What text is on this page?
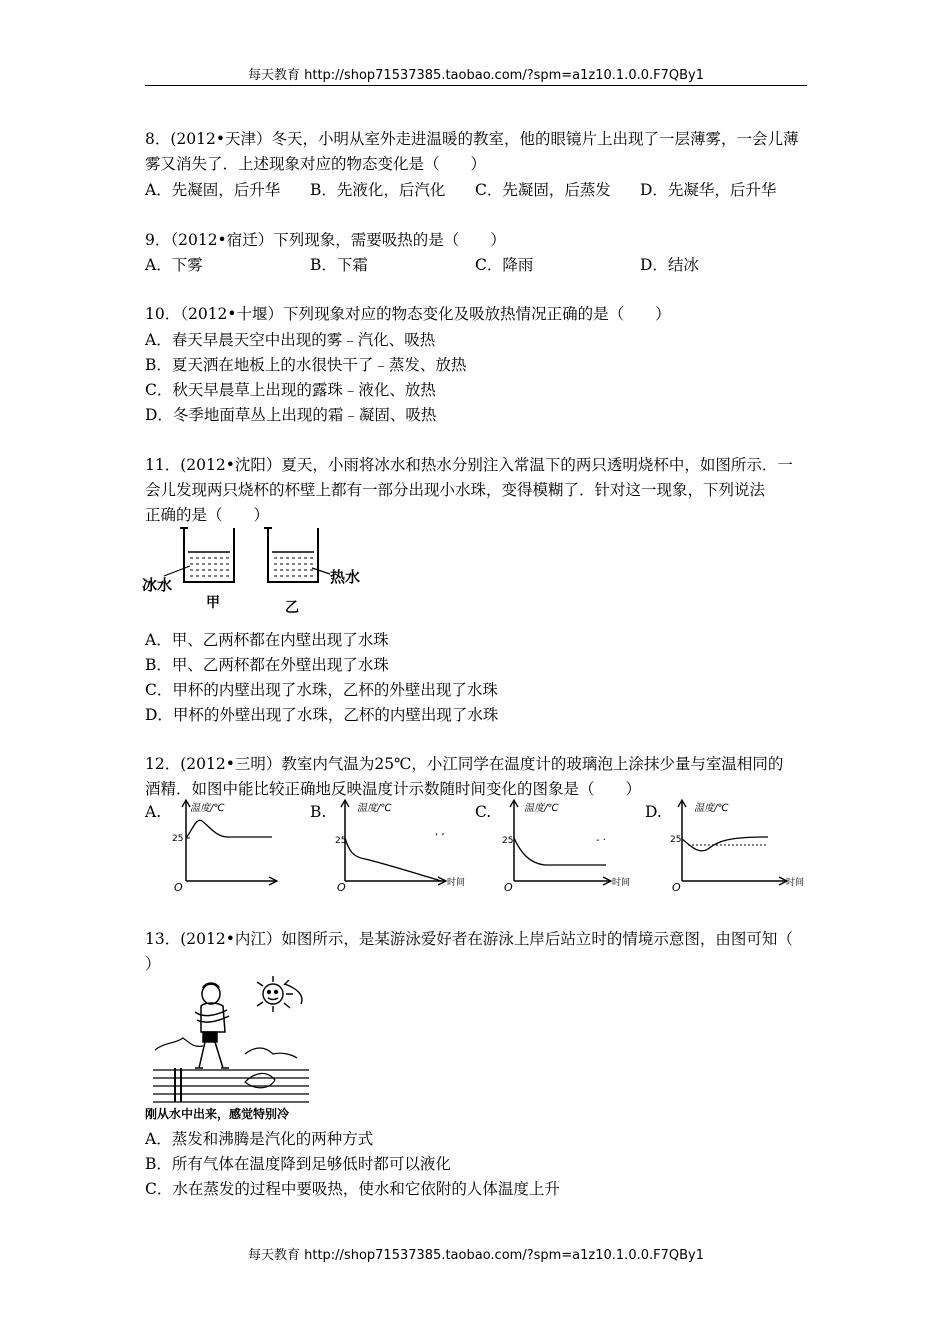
每天教育 http://shop71537385.taobao.com/?spm=a1z10.1.0.0.F7QBy1
8．(2012•天津）冬天，小明从室外走进温暖的教室，他的眼镜片上出现了一层薄雾，一会儿薄
雾又消失了．上述现象对应的物态变化是（　　）
A．先凝固，后升华 B．先液化，后汽化 C．先凝固，后蒸发 D．先凝华，后升华
9．（2012•宿迁）下列现象，需要吸热的是（　　）
A．下雾	B．下霜	C．降雨	D．结冰
10．（2012•十堰）下列现象对应的物态变化及吸放热情况正确的是（　　）
A．春天早晨天空中出现的雾﹣汽化、吸热
B．夏天洒在地板上的水很快干了﹣蒸发、放热
C．秋天早晨草上出现的露珠﹣液化、放热
D．冬季地面草丛上出现的霜﹣凝固、吸热
11．(2012•沈阳）夏天，小雨将冰水和热水分别注入常温下的两只透明烧杯中，如图所示．一
会儿发现两只烧杯的杯壁上都有一部分出现小水珠，变得模糊了．针对这一现象，下列说法
正确的是（　　）
冰水	热水
甲	乙
A．甲、乙两杯都在内壁出现了水珠
B．甲、乙两杯都在外壁出现了水珠
C．甲杯的内壁出现了水珠，乙杯的外壁出现了水珠
D．甲杯的外壁出现了水珠，乙杯的内壁出现了水珠
12．(2012•三明）教室内气温为25℃，小江同学在温度计的玻璃泡上涂抹少量与室温相同的
酒精．如图中能比较正确地反映温度计示数随时间变化的图象是（　　）
A.	B.	C.	D.
温度/℃
25
O
‘ ’
温度/℃
25
O	时间
- ·
温度/℃
25
O	时间
温度/℃
25
O	时间
13．(2012•内江）如图所示，是某游泳爱好者在游泳上岸后站立时的情境示意图，由图可知（
）
刚从水中出来，感觉特别冷
A．蒸发和沸腾是汽化的两种方式
B．所有气体在温度降到足够低时都可以液化
C．水在蒸发的过程中要吸热，使水和它依附的人体温度上升
每天教育 http://shop71537385.taobao.com/?spm=a1z10.1.0.0.F7QBy1
